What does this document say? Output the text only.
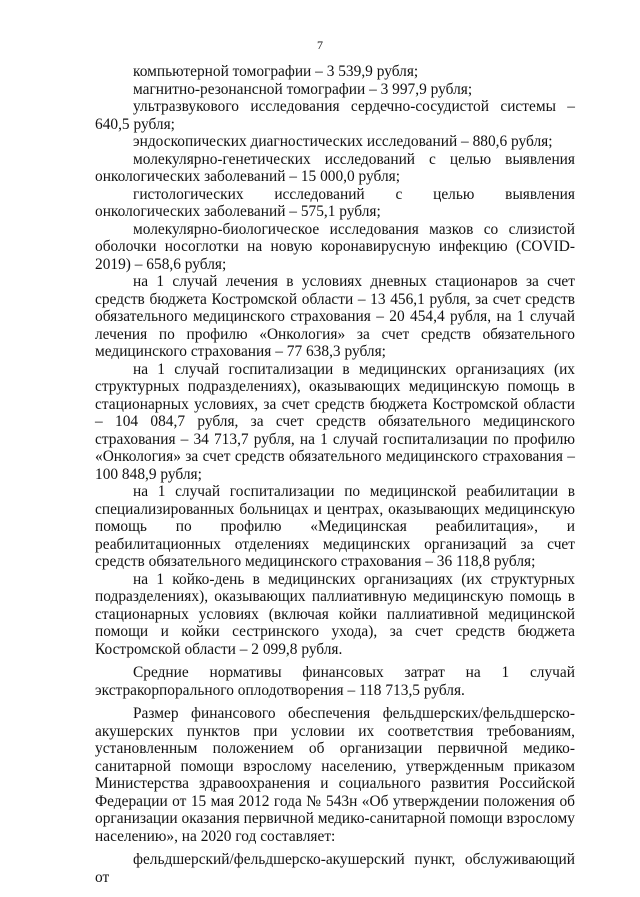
7

компьютерной томографии – 3 539,9 рубля;

магнитно-резонансной томографии – 3 997,9 рубля;

ультразвукового исследования сердечно-сосудистой системы – 640,5 рубля;

эндоскопических диагностических исследований – 880,6 рубля;

молекулярно-генетических исследований с целью выявления онкологических заболеваний – 15 000,0 рубля;

гистологических исследований с целью выявления онкологических заболеваний – 575,1 рубля;

молекулярно-биологическое исследования мазков со слизистой оболочки носоглотки на новую коронавирусную инфекцию (COVID-2019) – 658,6 рубля;

на 1 случай лечения в условиях дневных стационаров за счет средств бюджета Костромской области – 13 456,1 рубля, за счет средств обязательного медицинского страхования – 20 454,4 рубля, на 1 случай лечения по профилю «Онкология» за счет средств обязательного медицинского страхования – 77 638,3 рубля;

на 1 случай госпитализации в медицинских организациях (их структурных подразделениях), оказывающих медицинскую помощь в стационарных условиях, за счет средств бюджета Костромской области – 104 084,7 рубля, за счет средств обязательного медицинского страхования – 34 713,7 рубля, на 1 случай госпитализации по профилю «Онкология» за счет средств обязательного медицинского страхования – 100 848,9 рубля;

на 1 случай госпитализации по медицинской реабилитации в специализированных больницах и центрах, оказывающих медицинскую помощь по профилю «Медицинская реабилитация», и реабилитационных отделениях медицинских организаций за счет средств обязательного медицинского страхования – 36 118,8 рубля;

на 1 койко-день в медицинских организациях (их структурных подразделениях), оказывающих паллиативную медицинскую помощь в стационарных условиях (включая койки паллиативной медицинской помощи и койки сестринского ухода), за счет средств бюджета Костромской области – 2 099,8 рубля.

Средние нормативы финансовых затрат на 1 случай экстракорпорального оплодотворения – 118 713,5 рубля.

Размер финансового обеспечения фельдшерских/фельдшерско-акушерских пунктов при условии их соответствия требованиям, установленным положением об организации первичной медико-санитарной помощи взрослому населению, утвержденным приказом Министерства здравоохранения и социального развития Российской Федерации от 15 мая 2012 года № 543н «Об утверждении положения об организации оказания первичной медико-санитарной помощи взрослому населению», на 2020 год составляет:

фельдшерский/фельдшерско-акушерский пункт, обслуживающий от
